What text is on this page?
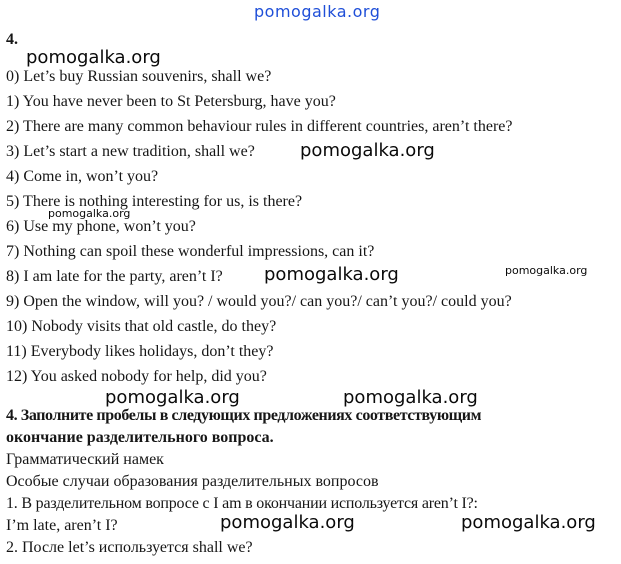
pomogalka.org
4.
pomogalka.org
0) Let’s buy Russian souvenirs, shall we?
1) You have never been to St Petersburg, have you?
2) There are many common behaviour rules in different countries, aren’t there?
3) Let’s start a new tradition, shall we?	pomogalka.org
4) Come in, won’t you?
5) There is nothing interesting for us, is there?
pomogalka.org
6) Use my phone, won’t you?
7) Nothing can spoil these wonderful impressions, can it?
8) I am late for the party, aren’t I? pomogalka.org	pomogalka.org
9) Open the window, will you? / would you?/ can you?/ can’t you?/ could you?
10) Nobody visits that old castle, do they?
11) Everybody likes holidays, don’t they?
12) You asked nobody for help, did you?
pomogalka.org	pomogalka.org
4. Заполните пробелы в следующих предложениях соответствующим
окончание разделительного вопроса.
Грамматический намек
Особые случаи образования разделительных вопросов
1. В разделительном вопросе с I am в окончании используется aren’t I?:
I’m late, aren’t I?	pomogalka.org	pomogalka.org
2. После let’s используется shall we?
